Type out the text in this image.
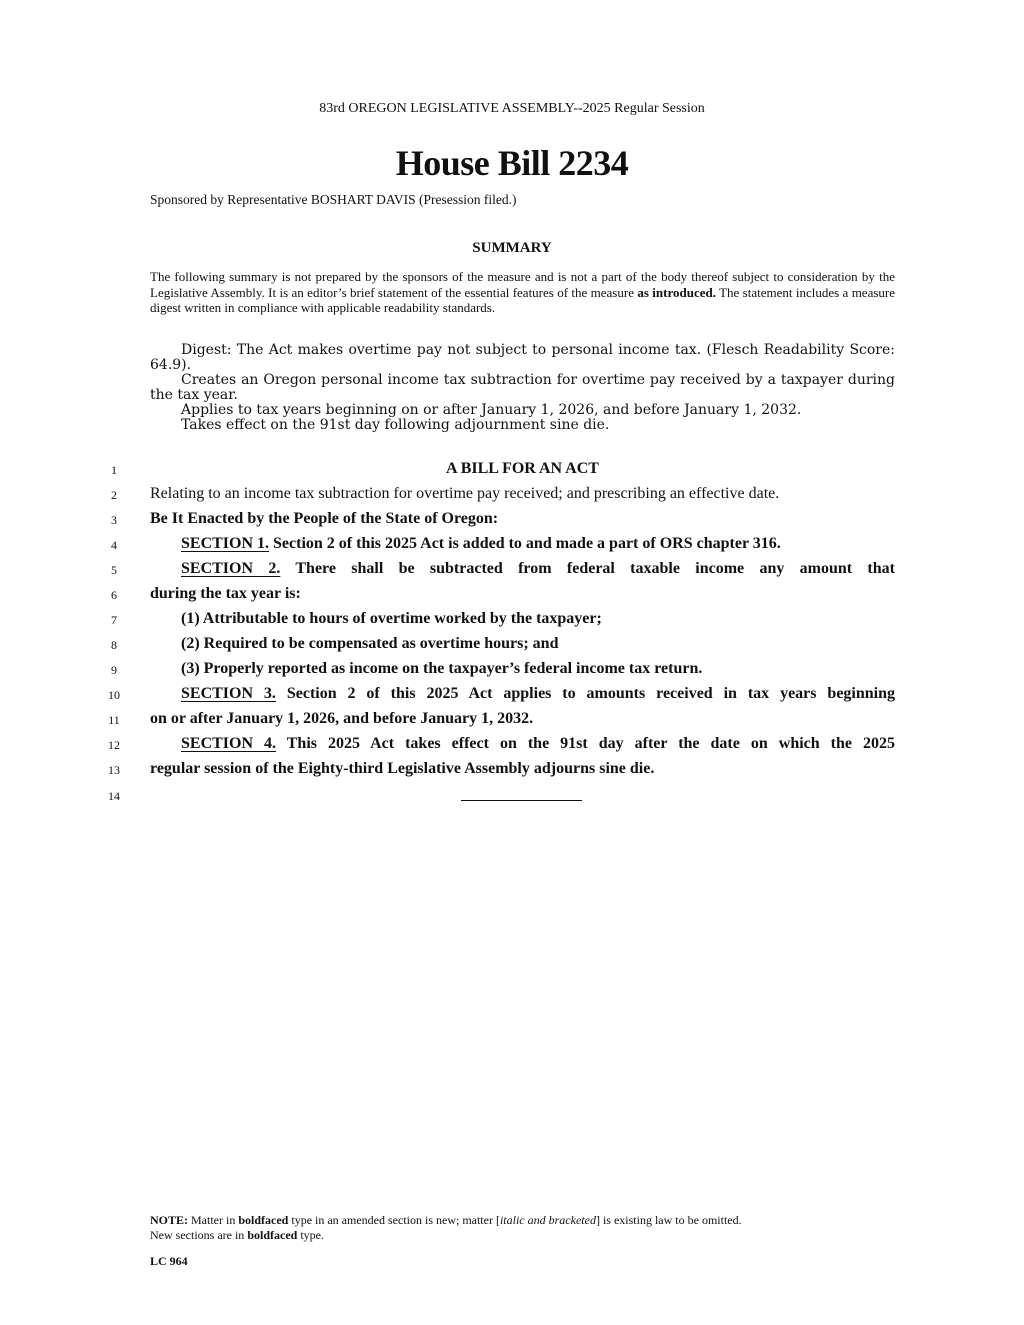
83rd OREGON LEGISLATIVE ASSEMBLY--2025 Regular Session
House Bill 2234
Sponsored by Representative BOSHART DAVIS (Presession filed.)
SUMMARY
The following summary is not prepared by the sponsors of the measure and is not a part of the body thereof subject to consideration by the Legislative Assembly. It is an editor’s brief statement of the essential features of the measure as introduced. The statement includes a measure digest written in compliance with applicable readability standards.

Digest: The Act makes overtime pay not subject to personal income tax. (Flesch Readability Score: 64.9).

Creates an Oregon personal income tax subtraction for overtime pay received by a taxpayer during the tax year.

Applies to tax years beginning on or after January 1, 2026, and before January 1, 2032.

Takes effect on the 91st day following adjournment sine die.

1
2
3
4
5
6
7
8
9
10
11
12
13
14
A BILL FOR AN ACT
Relating to an income tax subtraction for overtime pay received; and prescribing an effective date.
Be It Enacted by the People of the State of Oregon:
SECTION 1. Section 2 of this 2025 Act is added to and made a part of ORS chapter 316.
SECTION 2. There shall be subtracted from federal taxable income any amount that
during the tax year is:
(1) Attributable to hours of overtime worked by the taxpayer;
(2) Required to be compensated as overtime hours; and
(3) Properly reported as income on the taxpayer’s federal income tax return.
SECTION 3. Section 2 of this 2025 Act applies to amounts received in tax years beginning
on or after January 1, 2026, and before January 1, 2032.
SECTION 4. This 2025 Act takes effect on the 91st day after the date on which the 2025
regular session of the Eighty-third Legislative Assembly adjourns sine die.
NOTE: Matter in boldfaced type in an amended section is new; matter [italic and bracketed] is existing law to be omitted.
New sections are in boldfaced type.
LC 964
